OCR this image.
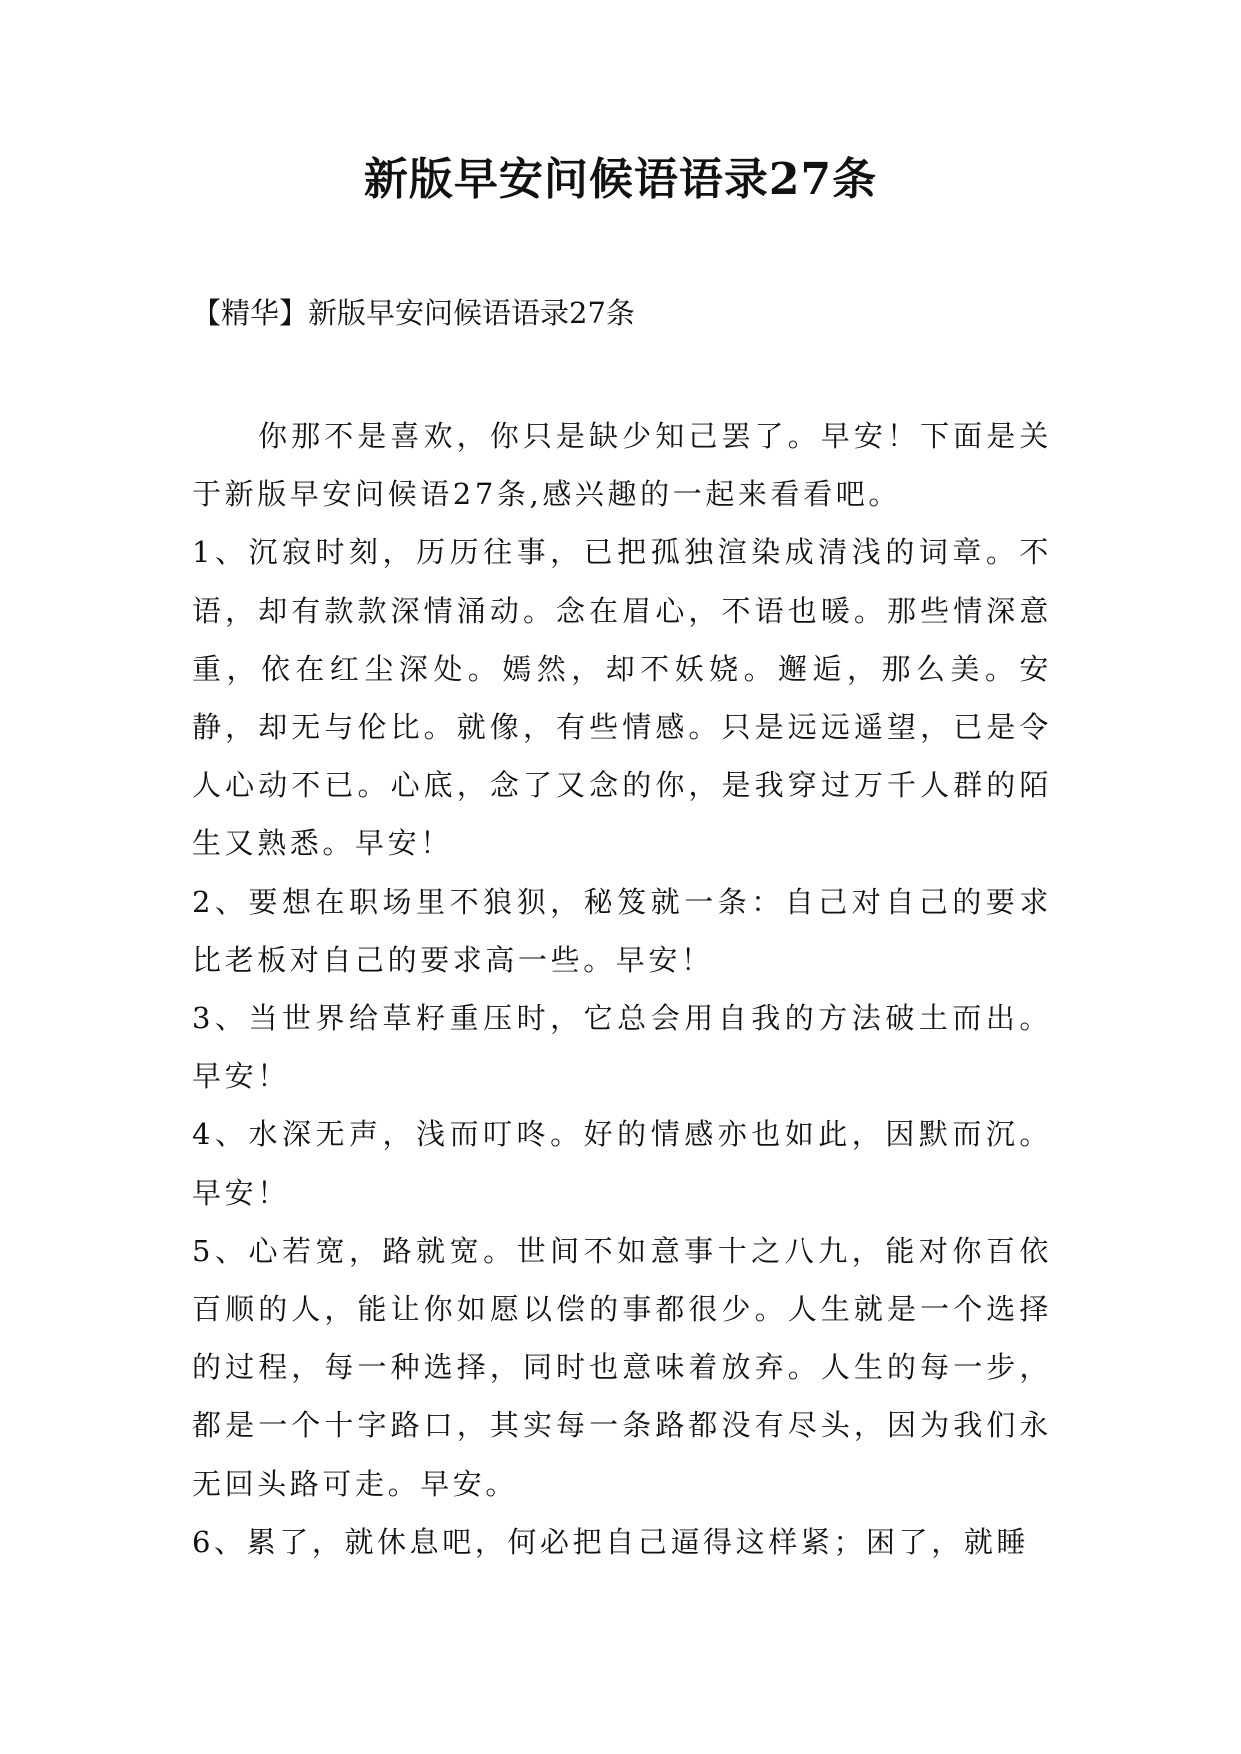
新版早安问候语语录27条

【精华】新版早安问候语语录27条

你那不是喜欢，你只是缺少知己罢了。早安！下面是关于新版早安问候语27条,感兴趣的一起来看看吧。

1、沉寂时刻，历历往事，已把孤独渲染成清浅的词章。不语，却有款款深情涌动。念在眉心，不语也暖。那些情深意重，依在红尘深处。嫣然，却不妖娆。邂逅，那么美。安静，却无与伦比。就像，有些情感。只是远远遥望，已是令人心动不已。心底，念了又念的你，是我穿过万千人群的陌生又熟悉。早安！

2、要想在职场里不狼狈，秘笈就一条：自己对自己的要求比老板对自己的要求高一些。早安！

3、当世界给草籽重压时，它总会用自我的方法破土而出。早安！

4、水深无声，浅而叮咚。好的情感亦也如此，因默而沉。早安！

5、心若宽，路就宽。世间不如意事十之八九，能对你百依百顺的人，能让你如愿以偿的事都很少。人生就是一个选择的过程，每一种选择，同时也意味着放弃。人生的每一步，都是一个十字路口，其实每一条路都没有尽头，因为我们永无回头路可走。早安。

6、累了，就休息吧，何必把自己逼得这样紧；困了，就睡
